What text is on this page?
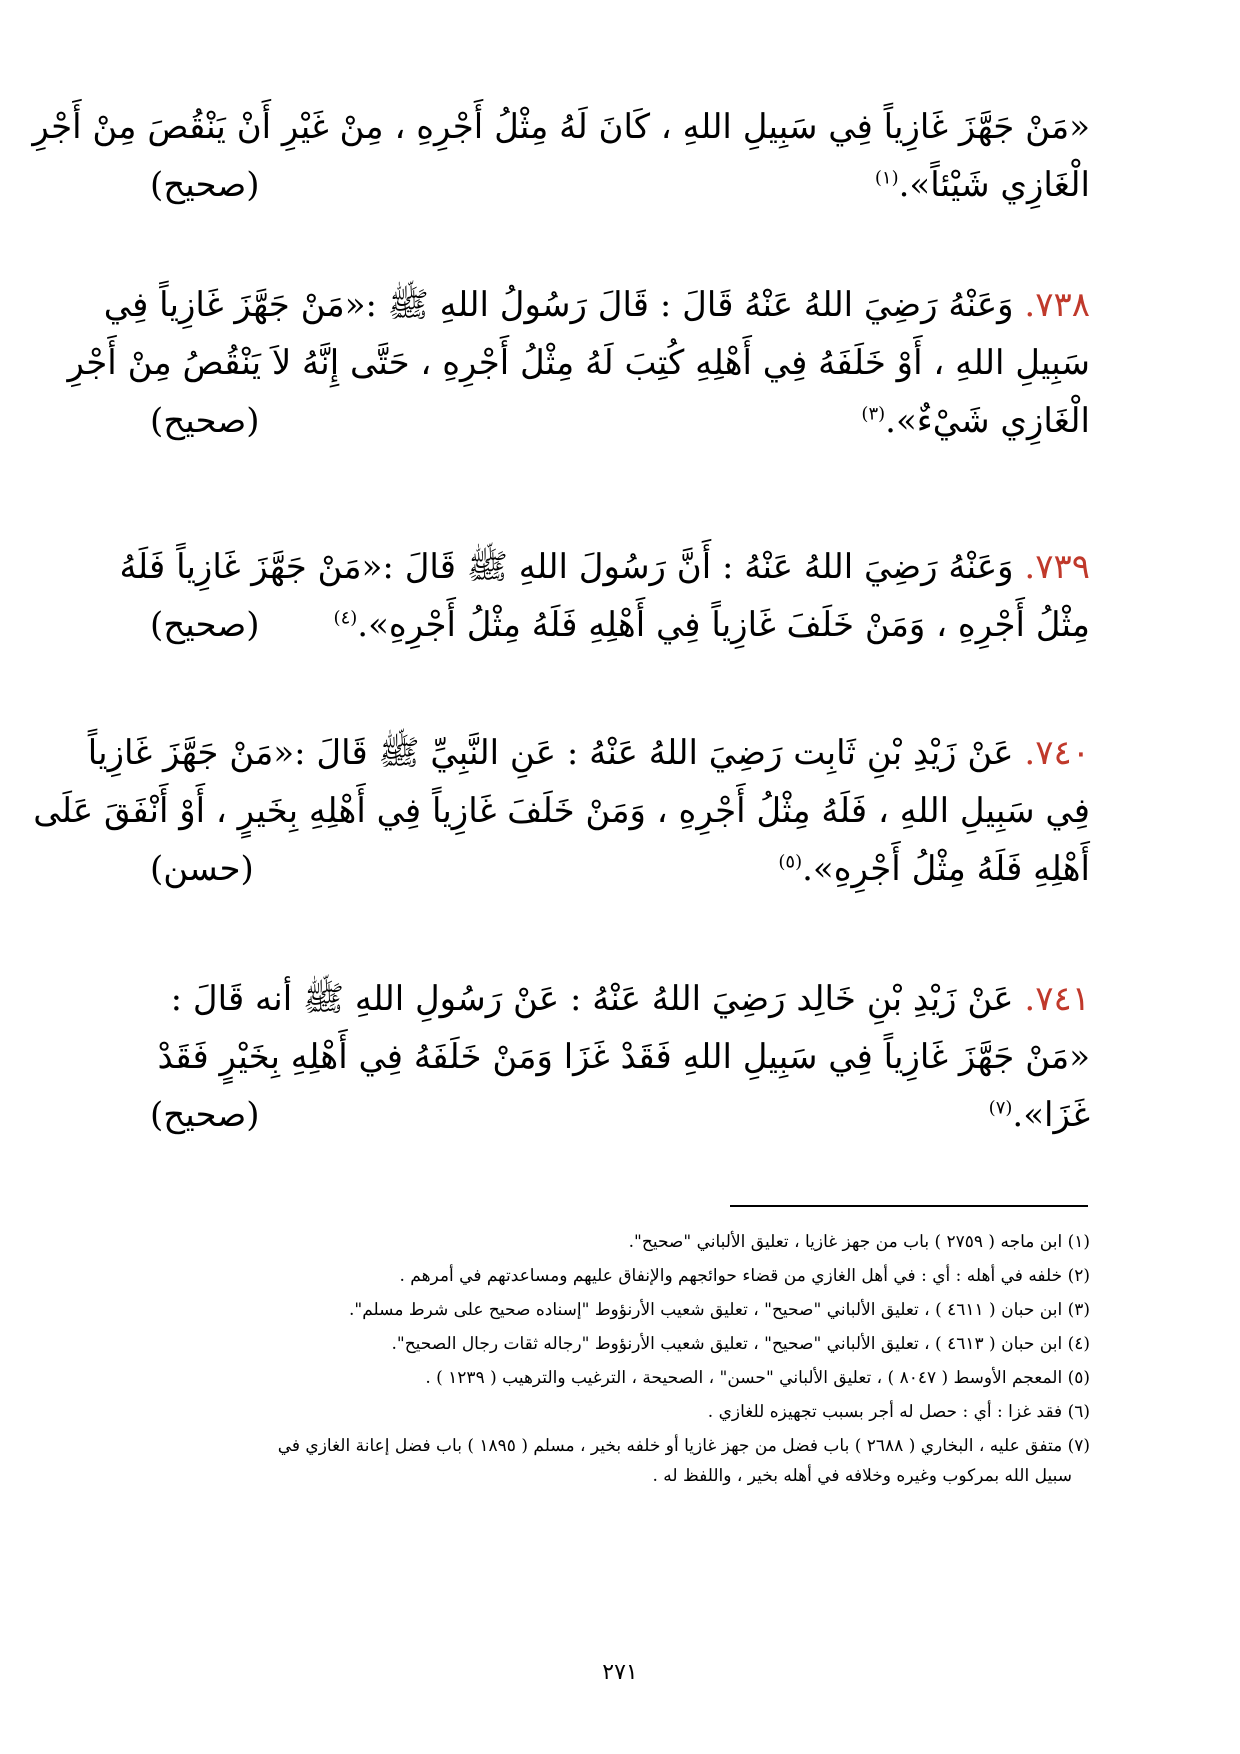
«مَنْ جَهَّزَ غَازِياً فِي سَبِيلِ اللهِ ، كَانَ لَهُ مِثْلُ أَجْرِهِ ، مِنْ غَيْرِ أَنْ يَنْقُصَ مِنْ أَجْرِ
الْغَازِي شَيْئاً».$^{(١)}$
(صحيح)
٧٣٨. وَعَنْهُ رَضِيَ اللهُ عَنْهُ قَالَ : قَالَ رَسُولُ اللهِ ﷺ :«مَنْ جَهَّزَ غَازِياً فِي
سَبِيلِ اللهِ ، أَوْ خَلَفَهُ فِي أَهْلِهِ كُتِبَ لَهُ مِثْلُ أَجْرِهِ ، حَتَّى إِنَّهُ لاَ يَنْقُصُ مِنْ أَجْرِ
الْغَازِي شَيْءٌ».$^{(٣)}$
(صحيح)
٧٣٩. وَعَنْهُ رَضِيَ اللهُ عَنْهُ : أَنَّ رَسُولَ اللهِ ﷺ قَالَ :«مَنْ جَهَّزَ غَازِياً فَلَهُ
مِثْلُ أَجْرِهِ ، وَمَنْ خَلَفَ غَازِياً فِي أَهْلِهِ فَلَهُ مِثْلُ أَجْرِهِ».$^{(٤)}$
(صحيح)
٧٤٠. عَنْ زَيْدِ بْنِ ثَابِت رَضِيَ اللهُ عَنْهُ : عَنِ النَّبِيِّ ﷺ قَالَ :«مَنْ جَهَّزَ غَازِياً
فِي سَبِيلِ اللهِ ، فَلَهُ مِثْلُ أَجْرِهِ ، وَمَنْ خَلَفَ غَازِياً فِي أَهْلِهِ بِخَيرٍ ، أَوْ أَنْفَقَ عَلَى
أَهْلِهِ فَلَهُ مِثْلُ أَجْرِهِ».$^{(٥)}$
(حسن)
٧٤١. عَنْ زَيْدِ بْنِ خَالِد رَضِيَ اللهُ عَنْهُ : عَنْ رَسُولِ اللهِ ﷺ أنه قَالَ :
«مَنْ جَهَّزَ غَازِياً فِي سَبِيلِ اللهِ فَقَدْ غَزَا وَمَنْ خَلَفَهُ فِي أَهْلِهِ بِخَيْرٍ فَقَدْ
غَزَا».$^{(٧)}$
(صحيح)
(١) ابن ماجه ( ٢٧٥٩ ) باب من جهز غازيا ، تعليق الألباني "صحيح".
(٢) خلفه في أهله : أي : في أهل الغازي من قضاء حوائجهم والإنفاق عليهم ومساعدتهم في أمرهم .
(٣) ابن حبان ( ٤٦١١ ) ، تعليق الألباني "صحيح" ، تعليق شعيب الأرنؤوط "إسناده صحيح على شرط مسلم".
(٤) ابن حبان ( ٤٦١٣ ) ، تعليق الألباني "صحيح" ، تعليق شعيب الأرنؤوط "رجاله ثقات رجال الصحيح".
(٥) المعجم الأوسط ( ٨٠٤٧ ) ، تعليق الألباني "حسن" ، الصحيحة ، الترغيب والترهيب ( ١٢٣٩ ) .
(٦) فقد غزا : أي : حصل له أجر بسبب تجهيزه للغازي .
(٧) متفق عليه ، البخاري ( ٢٦٨٨ ) باب فضل من جهز غازيا أو خلفه بخير ، مسلم ( ١٨٩٥ ) باب فضل إعانة الغازي في
سبيل الله بمركوب وغيره وخلافه في أهله بخير ، واللفظ له .
٢٧١
